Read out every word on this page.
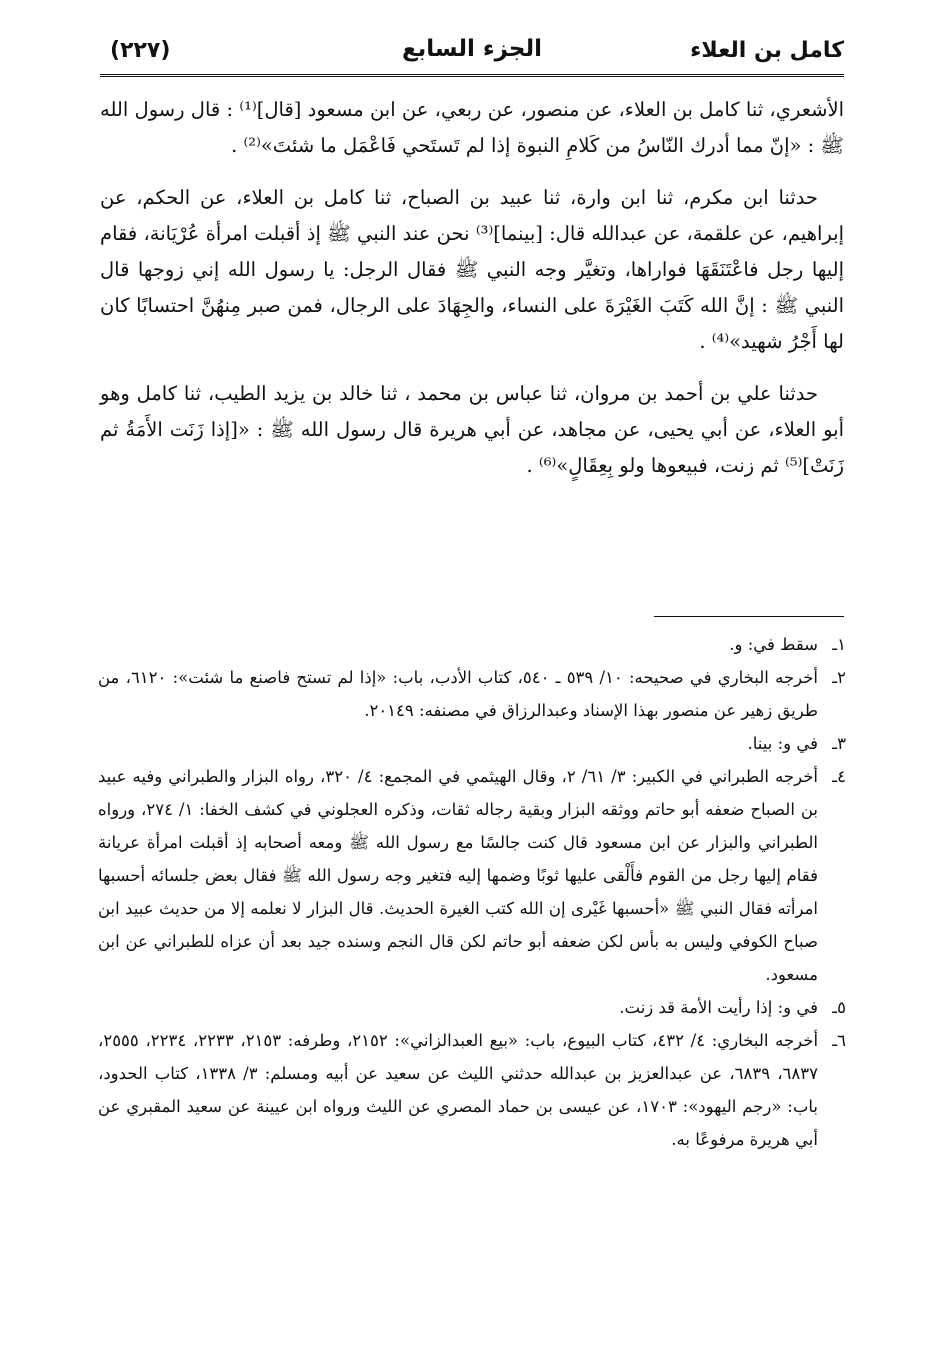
كامل بن العلاء
الجزء السابع
(٢٢٧)

الأشعري، ثنا كامل بن العلاء، عن منصور، عن ربعي، عن ابن مسعود [قال]⁽¹⁾ : قال رسول الله ﷺ : «إنّ مما أدرك النّاسُ من كَلامِ النبوة إذا لم تَستَحي فَاعْمَل ما شئتَ»⁽²⁾ .

حدثنا ابن مكرم، ثنا ابن وارة، ثنا عبيد بن الصباح، ثنا كامل بن العلاء، عن الحكم، عن إبراهيم، عن علقمة، عن عبدالله قال: [بينما]⁽³⁾ نحن عند النبي ﷺ إذ أقبلت امرأة عُرْيَانة، فقام إليها رجل فاعْتَنَقَهَا فواراها، وتغيَّر وجه النبي ﷺ فقال الرجل: يا رسول الله إني زوجها قال النبي ﷺ : إنَّ الله كَتَبَ الغَيْرَةَ على النساء، والجِهَادَ على الرجال، فمن صبر مِنهُنَّ احتسابًا كان لها أَجْرُ شهيد»⁽⁴⁾ .

حدثنا علي بن أحمد بن مروان، ثنا عباس بن محمد ، ثنا خالد بن يزيد الطيب، ثنا كامل وهو أبو العلاء، عن أبي يحيى، عن مجاهد، عن أبي هريرة قال رسول الله ﷺ : «[إذا زَنَت الأَمَةُ ثم زَنَتْ]⁽⁵⁾ ثم زنت، فبيعوها ولو بِعِقَالٍ»⁽⁶⁾ .

١ـ
سقط في: و.
٢ـ
أخرجه البخاري في صحيحه: ١٠/ ٥٣٩ ـ ٥٤٠، كتاب الأدب، باب: «إذا لم تستح فاصنع ما شئت»: ٦١٢٠، من طريق زهير عن منصور بهذا الإسناد وعبدالرزاق في مصنفه: ٢٠١٤٩.
٣ـ
في و: بينا.
٤ـ
أخرجه الطبراني في الكبير: ٣/ ٦١/ ٢، وقال الهيثمي في المجمع: ٤/ ٣٢٠، رواه البزار والطبراني وفيه عبيد بن الصباح ضعفه أبو حاتم ووثقه البزار وبقية رجاله ثقات، وذكره العجلوني في كشف الخفا: ١/ ٢٧٤، ورواه الطبراني والبزار عن ابن مسعود قال كنت جالسًا مع رسول الله ﷺ ومعه أصحابه إذ أقبلت امرأة عريانة فقام إليها رجل من القوم فأَلْقى عليها ثوبًا وضمها إليه فتغير وجه رسول الله ﷺ فقال بعض جلسائه أحسبها امرأته فقال النبي ﷺ «أحسبها غَيْرى إن الله كتب الغيرة الحديث. قال البزار لا نعلمه إلا من حديث عبيد ابن صباح الكوفي وليس به بأس لكن ضعفه أبو حاتم لكن قال النجم وسنده جيد بعد أن عزاه للطبراني عن ابن مسعود.
٥ـ
في و: إذا رأيت الأمة قد زنت.
٦ـ
أخرجه البخاري: ٤/ ٤٣٢، كتاب البيوع، باب: «بيع العبدالزاني»: ٢١٥٢، وطرفه: ٢١٥٣، ٢٢٣٣، ٢٢٣٤، ٢٥٥٥، ٦٨٣٧، ٦٨٣٩، عن عبدالعزيز بن عبدالله حدثني الليث عن سعيد عن أبيه ومسلم: ٣/ ١٣٣٨، كتاب الحدود، باب: «رجم اليهود»: ١٧٠٣، عن عيسى بن حماد المصري عن الليث ورواه ابن عيينة عن سعيد المقبري عن أبي هريرة مرفوعًا به.
